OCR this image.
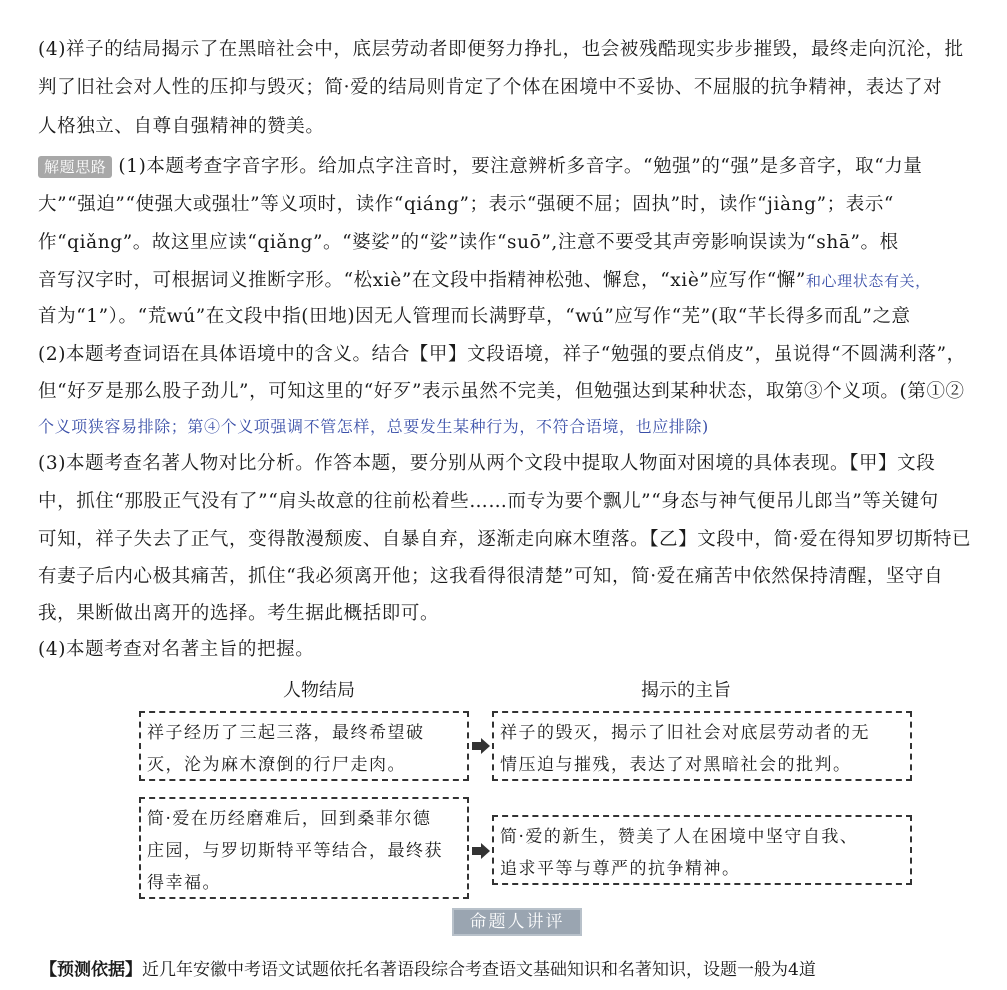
(4)祥子的结局揭示了在黑暗社会中，底层劳动者即便努力挣扎，也会被残酷现实步步摧毁，最终走向沉沦，批
判了旧社会对人性的压抑与毁灭；简·爱的结局则肯定了个体在困境中不妥协、不屈服的抗争精神，表达了对
人格独立、自尊自强精神的赞美。
解题思路 (1)本题考查字音字形。给加点字注音时，要注意辨析多音字。“勉强”的“强”是多音字，取“力量
大”“强迫”“使强大或强壮”等义项时，读作“qiáng”；表示“强硬不屈；固执”时，读作“jiàng”；表示“
作“qiǎng”。故这里应读“qiǎng”。“婆娑”的“娑”读作“suō”,注意不要受其声旁影响误读为“shā”。根
音写汉字时，可根据词义推断字形。“松xiè”在文段中指精神松弛、懈怠，“xiè”应写作“懈”和心理状态有关，
首为“1”）。“荒wú”在文段中指(田地)因无人管理而长满野草，“wú”应写作“芜”(取“芊长得多而乱”之意
(2)本题考查词语在具体语境中的含义。结合【甲】文段语境，祥子“勉强的要点俏皮”，虽说得“不圆满利落”，
但“好歹是那么股子劲儿”，可知这里的“好歹”表示虽然不完美，但勉强达到某种状态，取第③个义项。(第①②
个义项狭容易排除；第④个义项强调不管怎样，总要发生某种行为，不符合语境，也应排除)
(3)本题考查名著人物对比分析。作答本题，要分别从两个文段中提取人物面对困境的具体表现。【甲】文段
中，抓住“那股正气没有了”“肩头故意的往前松着些……而专为要个飘儿”“身态与神气便吊儿郎当”等关键句
可知，祥子失去了正气，变得散漫颓废、自暴自弃，逐渐走向麻木堕落。【乙】文段中，简·爱在得知罗切斯特已
有妻子后内心极其痛苦，抓住“我必须离开他；这我看得很清楚”可知，简·爱在痛苦中依然保持清醒，坚守自
我，果断做出离开的选择。考生据此概括即可。
(4)本题考查对名著主旨的把握。
人物结局	揭示的主旨
祥子经历了三起三落，最终希望破
灭，沦为麻木潦倒的行尸走肉。
祥子的毁灭，揭示了旧社会对底层劳动者的无
情压迫与摧残，表达了对黑暗社会的批判。
简·爱在历经磨难后，回到桑菲尔德
庄园，与罗切斯特平等结合，最终获
得幸福。
简·爱的新生，赞美了人在困境中坚守自我、
追求平等与尊严的抗争精神。
命题人讲评
【预测依据】近几年安徽中考语文试题依托名著语段综合考查语文基础知识和名著知识，设题一般为4道
